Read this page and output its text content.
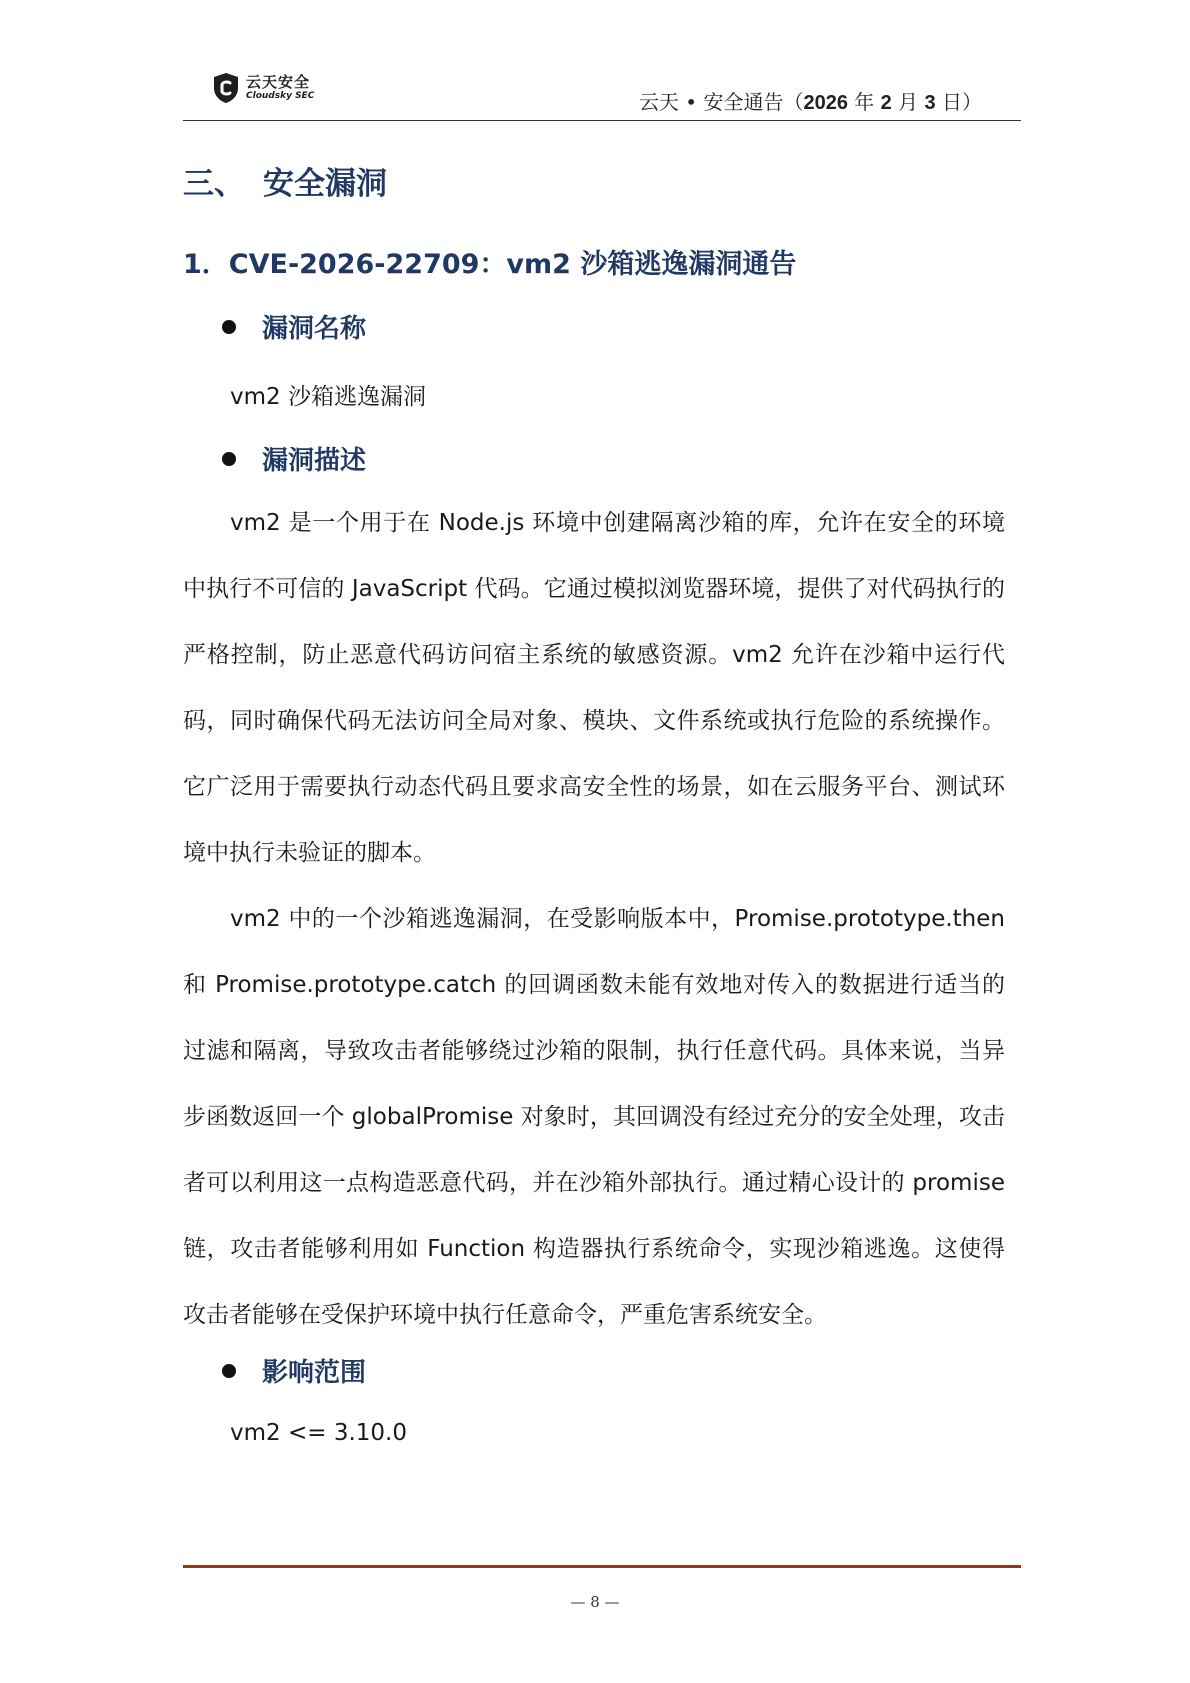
云天安全
Cloudsky SEC	云天 • 安全通告（2026 年 2 月 3 日）
三、 安全漏洞
1．CVE-2026-22709：vm2 沙箱逃逸漏洞通告
漏洞名称
vm2 沙箱逃逸漏洞
漏洞描述

vm2 是一个用于在 Node.js 环境中创建隔离沙箱的库，允许在安全的环境中执行不可信的 JavaScript 代码。它通过模拟浏览器环境，提供了对代码执行的严格控制，防止恶意代码访问宿主系统的敏感资源。vm2 允许在沙箱中运行代码，同时确保代码无法访问全局对象、模块、文件系统或执行危险的系统操作。它广泛用于需要执行动态代码且要求高安全性的场景，如在云服务平台、测试环境中执行未验证的脚本。

vm2 中的一个沙箱逃逸漏洞，在受影响版本中，Promise.prototype.then 和 Promise.prototype.catch 的回调函数未能有效地对传入的数据进行适当的过滤和隔离，导致攻击者能够绕过沙箱的限制，执行任意代码。具体来说，当异步函数返回一个 globalPromise 对象时，其回调没有经过充分的安全处理，攻击者可以利用这一点构造恶意代码，并在沙箱外部执行。通过精心设计的 promise 链，攻击者能够利用如 Function 构造器执行系统命令，实现沙箱逃逸。这使得攻击者能够在受保护环境中执行任意命令，严重危害系统安全。

影响范围
vm2 <= 3.10.0
— 8 —
